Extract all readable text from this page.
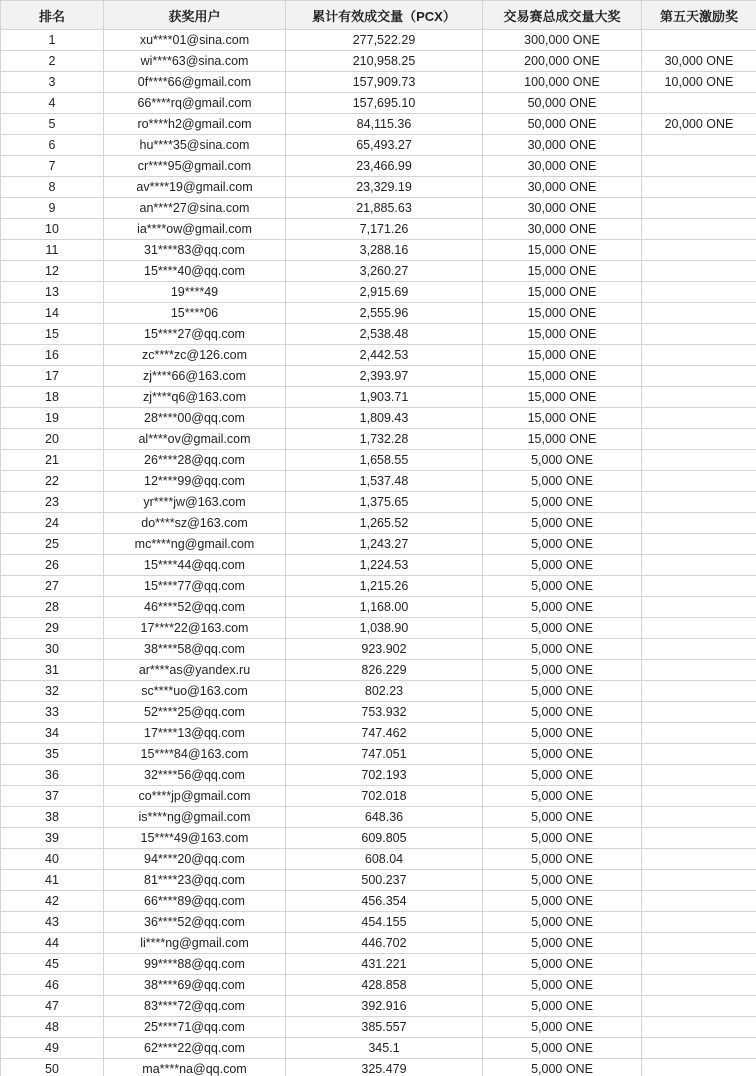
排名	获奖用户	累计有效成交量（PCX）	交易赛总成交量大奖	第五天激励奖
1	xu****01@sina.com	277,522.29	300,000 ONE	
2	wi****63@sina.com	210,958.25	200,000 ONE	30,000 ONE
3	0f****66@gmail.com	157,909.73	100,000 ONE	10,000 ONE
4	66****rq@gmail.com	157,695.10	50,000 ONE	
5	ro****h2@gmail.com	84,115.36	50,000 ONE	20,000 ONE
6	hu****35@sina.com	65,493.27	30,000 ONE	
7	cr****95@gmail.com	23,466.99	30,000 ONE	
8	av****19@gmail.com	23,329.19	30,000 ONE	
9	an****27@sina.com	21,885.63	30,000 ONE	
10	ia****ow@gmail.com	7,171.26	30,000 ONE	
11	31****83@qq.com	3,288.16	15,000 ONE	
12	15****40@qq.com	3,260.27	15,000 ONE	
13	19****49	2,915.69	15,000 ONE	
14	15****06	2,555.96	15,000 ONE	
15	15****27@qq.com	2,538.48	15,000 ONE	
16	zc****zc@126.com	2,442.53	15,000 ONE	
17	zj****66@163.com	2,393.97	15,000 ONE	
18	zj****q6@163.com	1,903.71	15,000 ONE	
19	28****00@qq.com	1,809.43	15,000 ONE	
20	al****ov@gmail.com	1,732.28	15,000 ONE	
21	26****28@qq.com	1,658.55	5,000 ONE	
22	12****99@qq.com	1,537.48	5,000 ONE	
23	yr****jw@163.com	1,375.65	5,000 ONE	
24	do****sz@163.com	1,265.52	5,000 ONE	
25	mc****ng@gmail.com	1,243.27	5,000 ONE	
26	15****44@qq.com	1,224.53	5,000 ONE	
27	15****77@qq.com	1,215.26	5,000 ONE	
28	46****52@qq.com	1,168.00	5,000 ONE	
29	17****22@163.com	1,038.90	5,000 ONE	
30	38****58@qq.com	923.902	5,000 ONE	
31	ar****as@yandex.ru	826.229	5,000 ONE	
32	sc****uo@163.com	802.23	5,000 ONE	
33	52****25@qq.com	753.932	5,000 ONE	
34	17****13@qq.com	747.462	5,000 ONE	
35	15****84@163.com	747.051	5,000 ONE	
36	32****56@qq.com	702.193	5,000 ONE	
37	co****jp@gmail.com	702.018	5,000 ONE	
38	is****ng@gmail.com	648.36	5,000 ONE	
39	15****49@163.com	609.805	5,000 ONE	
40	94****20@qq.com	608.04	5,000 ONE	
41	81****23@qq.com	500.237	5,000 ONE	
42	66****89@qq.com	456.354	5,000 ONE	
43	36****52@qq.com	454.155	5,000 ONE	
44	li****ng@gmail.com	446.702	5,000 ONE	
45	99****88@qq.com	431.221	5,000 ONE	
46	38****69@qq.com	428.858	5,000 ONE	
47	83****72@qq.com	392.916	5,000 ONE	
48	25****71@qq.com	385.557	5,000 ONE	
49	62****22@qq.com	345.1	5,000 ONE	
50	ma****na@qq.com	325.479	5,000 ONE	
